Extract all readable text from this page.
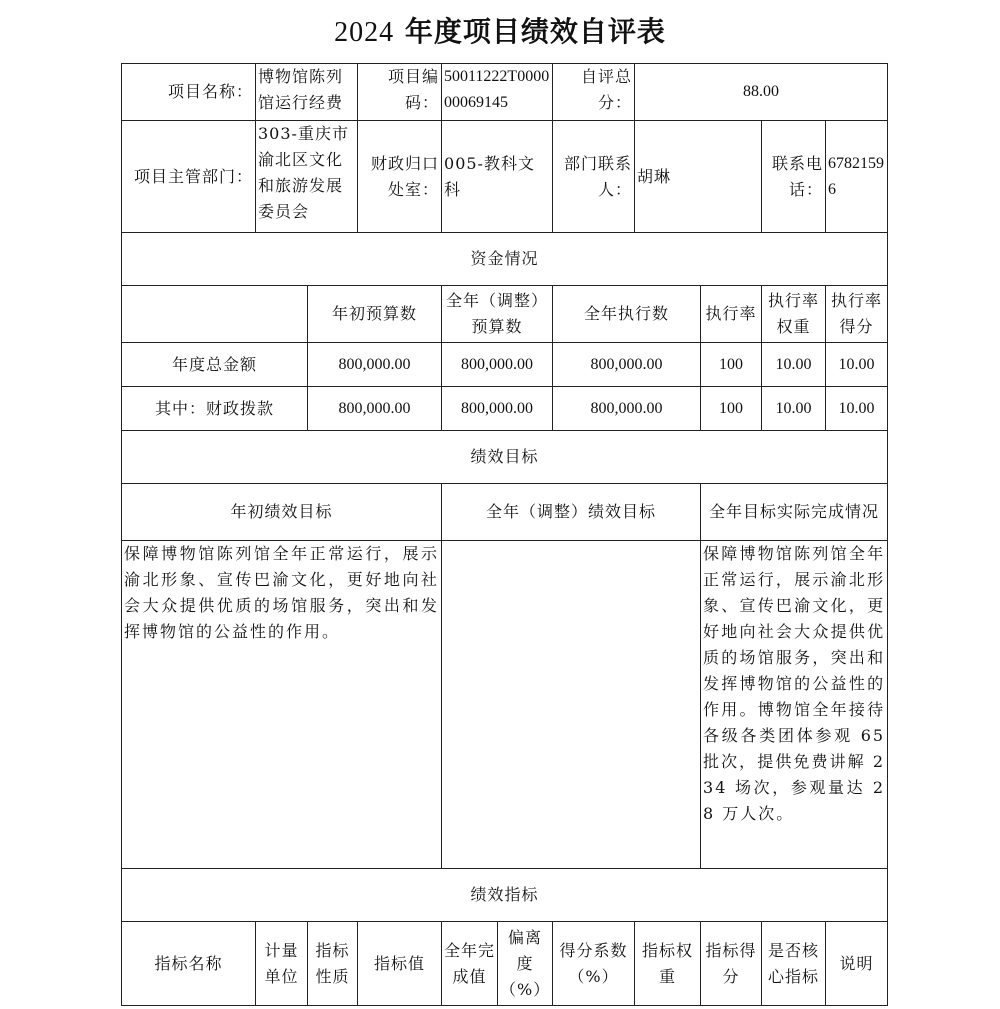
2024 年度项目绩效自评表
项目名称：	博物馆陈列馆运行经费		项目编码：	50011222T000000069145		自评总分：	88.00			
项目主管部门：	303-重庆市渝北区文化和旅游发展委员会		财政归口处室：	005-教科文科		部门联系人：	胡琳		联系电话：	67821596
资金情况										
		年初预算数		全年（调整）预算数		全年执行数		执行率	执行率权重	执行率得分
年度总金额		800,000.00		800,000.00		800,000.00		100	10.00	10.00
其中：财政拨款		800,000.00		800,000.00		800,000.00		100	10.00	10.00
绩效目标										
年初绩效目标				全年（调整）绩效目标				全年目标实际完成情况		
保障博物馆陈列馆全年正常运行，展示渝北形象、宣传巴渝文化，更好地向社会大众提供优质的场馆服务，突出和发挥博物馆的公益性的作用。								保障博物馆陈列馆全年正常运行，展示渝北形象、宣传巴渝文化，更好地向社会大众提供优质的场馆服务，突出和发挥博物馆的公益性的作用。博物馆全年接待各级各类团体参观 65 批次，提供免费讲解 234 场次，参观量达 28 万人次。		
绩效指标										
指标名称	计量单位	指标性质	指标值	全年完成值	偏离度（%）	得分系数（%）	指标权重	指标得分	是否核心指标	说明
